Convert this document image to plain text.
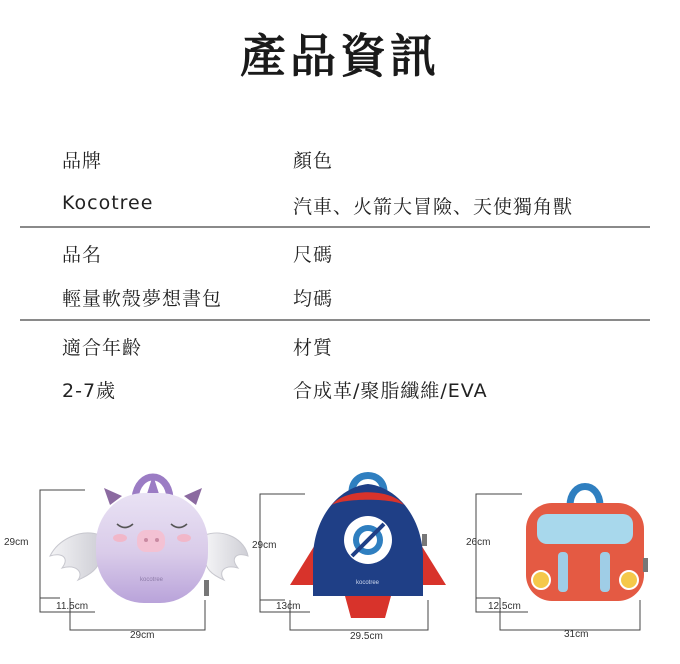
產品資訊
品牌	顏色
Kocotree	汽車、火箭大冒險、天使獨角獸
品名	尺碼
輕量軟殼夢想書包	均碼
適合年齡	材質
2-7歲	合成革/聚脂纖維/EVA
kocotree
29cm
11.5cm
29cm
29cm
13cm
29.5cm
26cm
12.5cm
31cm
kocotree
